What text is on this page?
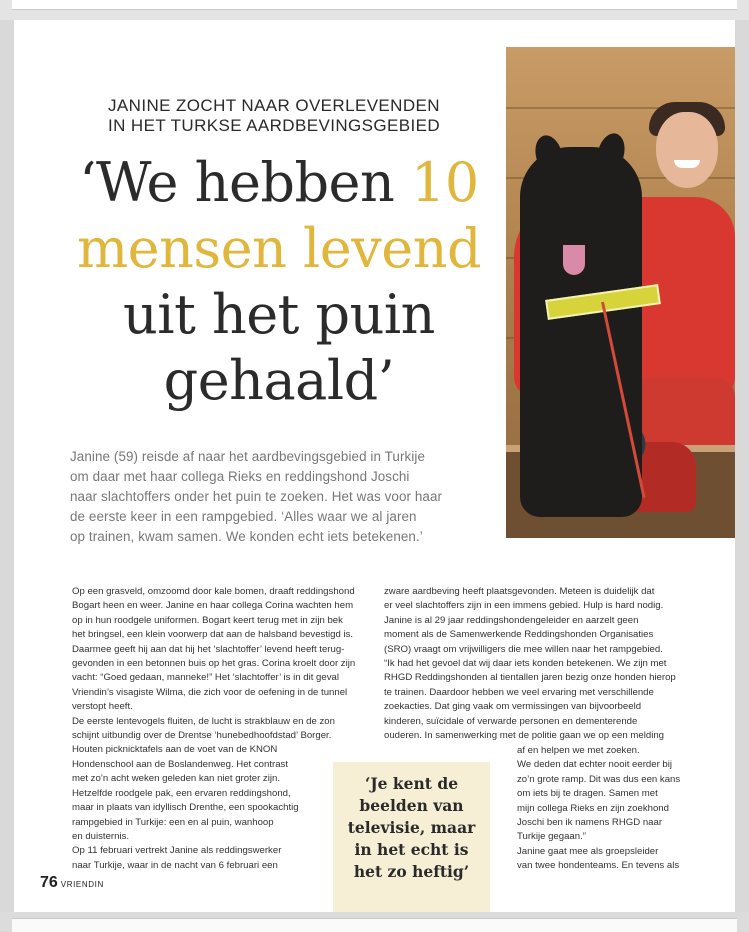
JANINE ZOCHT NAAR OVERLEVENDEN
IN HET TURKSE AARDBEVINGSGEBIED
‘We hebben 10
mensen levend
uit het puin
gehaald’
Janine (59) reisde af naar het aardbevingsgebied in Turkije
om daar met haar collega Rieks en reddingshond Joschi
naar slachtoffers onder het puin te zoeken. Het was voor haar
de eerste keer in een rampgebied. ‘Alles waar we al jaren
op trainen, kwam samen. We konden echt iets betekenen.’
Op een grasveld, omzoomd door kale bomen, draaft reddingshond
Bogart heen en weer. Janine en haar collega Corina wachten hem
op in hun roodgele uniformen. Bogart keert terug met in zijn bek
het bringsel, een klein voorwerp dat aan de halsband bevestigd is.
Daarmee geeft hij aan dat hij het ‘slachtoffer’ levend heeft terug-
gevonden in een betonnen buis op het gras. Corina kroelt door zijn
vacht: “Goed gedaan, manneke!” Het ‘slachtoffer’ is in dit geval
Vriendin’s visagiste Wilma, die zich voor de oefening in de tunnel
verstopt heeft.
De eerste lentevogels fluiten, de lucht is strakblauw en de zon
schijnt uitbundig over de Drentse ‘hunebedhoofdstad’ Borger.
Houten picknicktafels aan de voet van de KNON
Hondenschool aan de Boslandenweg. Het contrast
met zo’n acht weken geleden kan niet groter zijn.
Hetzelfde roodgele pak, een ervaren reddingshond,
maar in plaats van idyllisch Drenthe, een spookachtig
rampgebied in Turkije: een en al puin, wanhoop
en duisternis.
Op 11 februari vertrekt Janine als reddingswerker
naar Turkije, waar in de nacht van 6 februari een
zware aardbeving heeft plaatsgevonden. Meteen is duidelijk dat
er veel slachtoffers zijn in een immens gebied. Hulp is hard nodig.
Janine is al 29 jaar reddingshondengeleider en aarzelt geen
moment als de Samenwerkende Reddingshonden Organisaties
(SRO) vraagt om vrijwilligers die mee willen naar het rampgebied.
“Ik had het gevoel dat wij daar iets konden betekenen. We zijn met
RHGD Reddingshonden al tientallen jaren bezig onze honden hierop
te trainen. Daardoor hebben we veel ervaring met verschillende
zoekacties. Dat ging vaak om vermissingen van bijvoorbeeld
kinderen, suïcidale of verwarde personen en dementerende
ouderen. In samenwerking met de politie gaan we op een melding
af en helpen we met zoeken.
We deden dat echter nooit eerder bij
zo’n grote ramp. Dit was dus een kans
om iets bij te dragen. Samen met
mijn collega Rieks en zijn zoekhond
Joschi ben ik namens RHGD naar
Turkije gegaan.”
Janine gaat mee als groepsleider
van twee hondenteams. En tevens als
‘Je kent de
beelden van
televisie, maar
in het echt is
het zo heftig’
76 VRIENDIN
